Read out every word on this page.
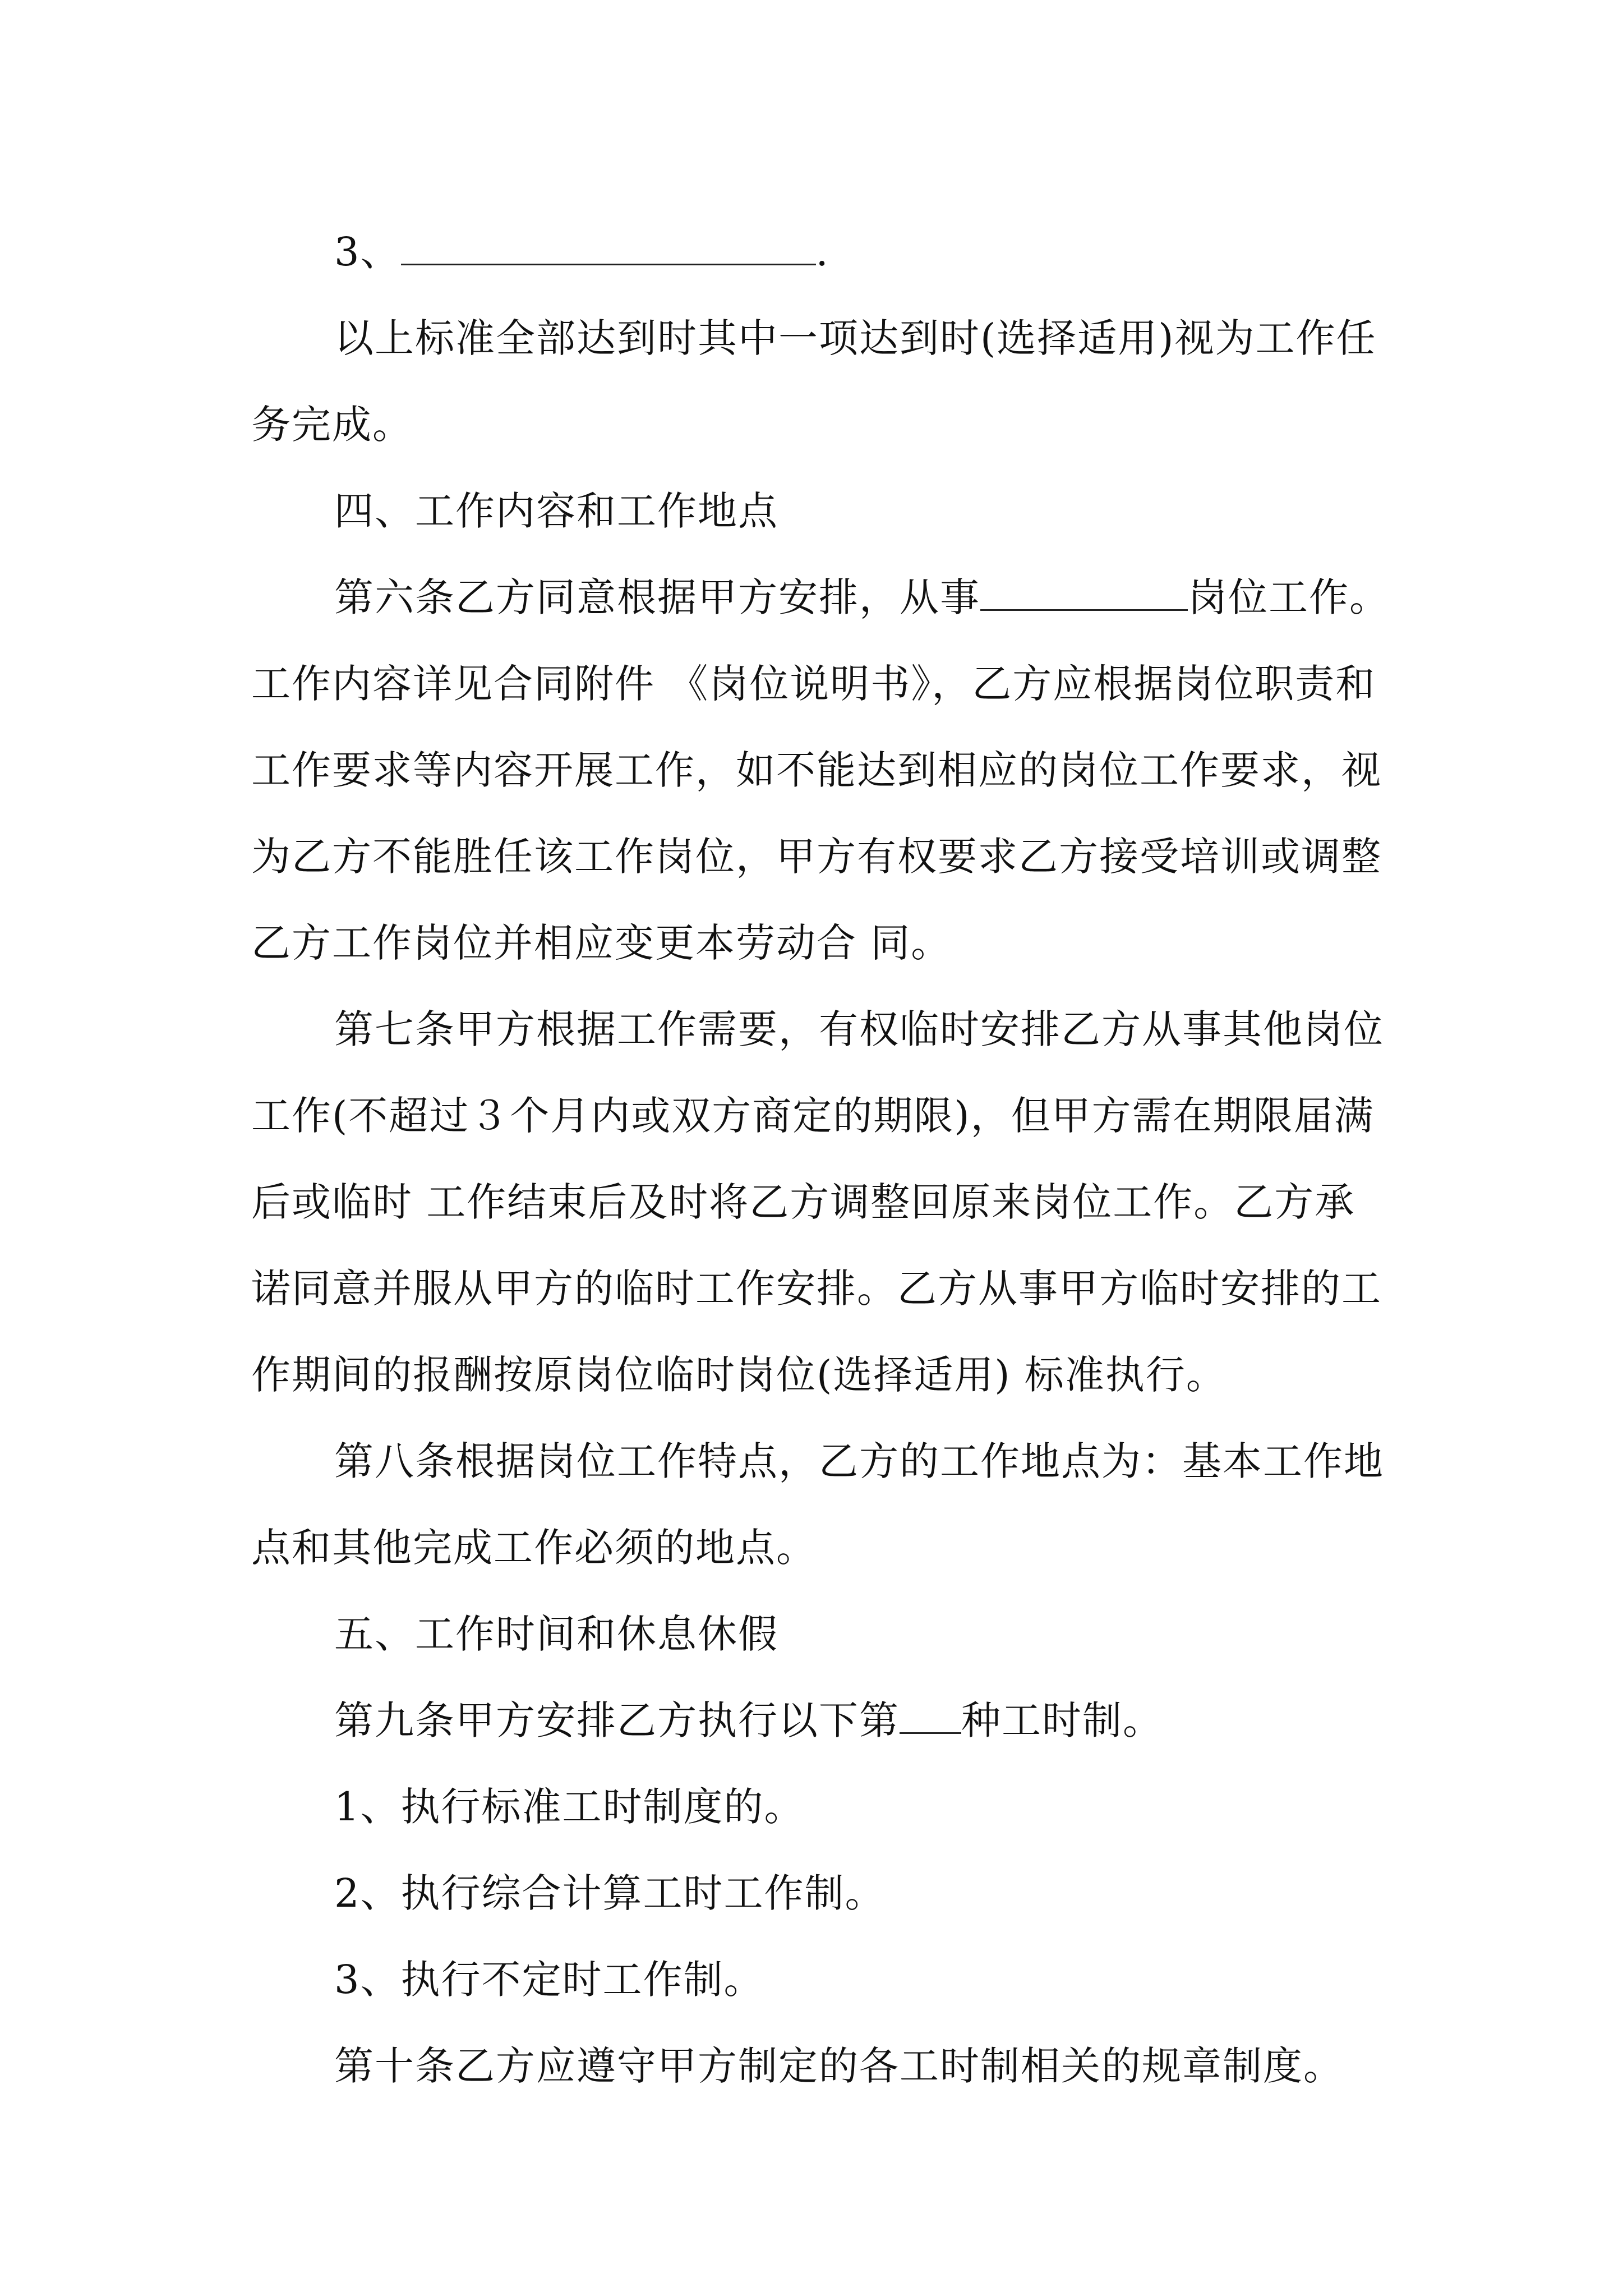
3、	.

以上标准全部达到时其中一项达到时(选择适用)视为工作任务完成。

四、工作内容和工作地点

第六条乙方同意根据甲方安排，从事	岗位工作。工作内容详见合同附件 《岗位说明书》，乙方应根据岗位职责和 工作要求等内容开展工作，如不能达到相应的岗位工作要求，视为乙方不能胜任该工作岗位，甲方有权要求乙方接受培训或调整乙方工作岗位并相应变更本劳动合 同。

第七条甲方根据工作需要，有权临时安排乙方从事其他岗位工作(不超过３个月内或双方商定的期限)，但甲方需在期限届满后或临时 工作结束后及时将乙方调整回原来岗位工作。乙方承诺同意并服从甲方的临时工作安排。乙方从事甲方临时安排的工作期间的报酬按原岗位临时岗位(选择适用) 标准执行。

第八条根据岗位工作特点，乙方的工作地点为：基本工作地点和其他完成工作必须的地点。

五、工作时间和休息休假

第九条甲方安排乙方执行以下第 种工时制。

1、执行标准工时制度的。

2、执行综合计算工时工作制。

3、执行不定时工作制。

第十条乙方应遵守甲方制定的各工时制相关的规章制度。
